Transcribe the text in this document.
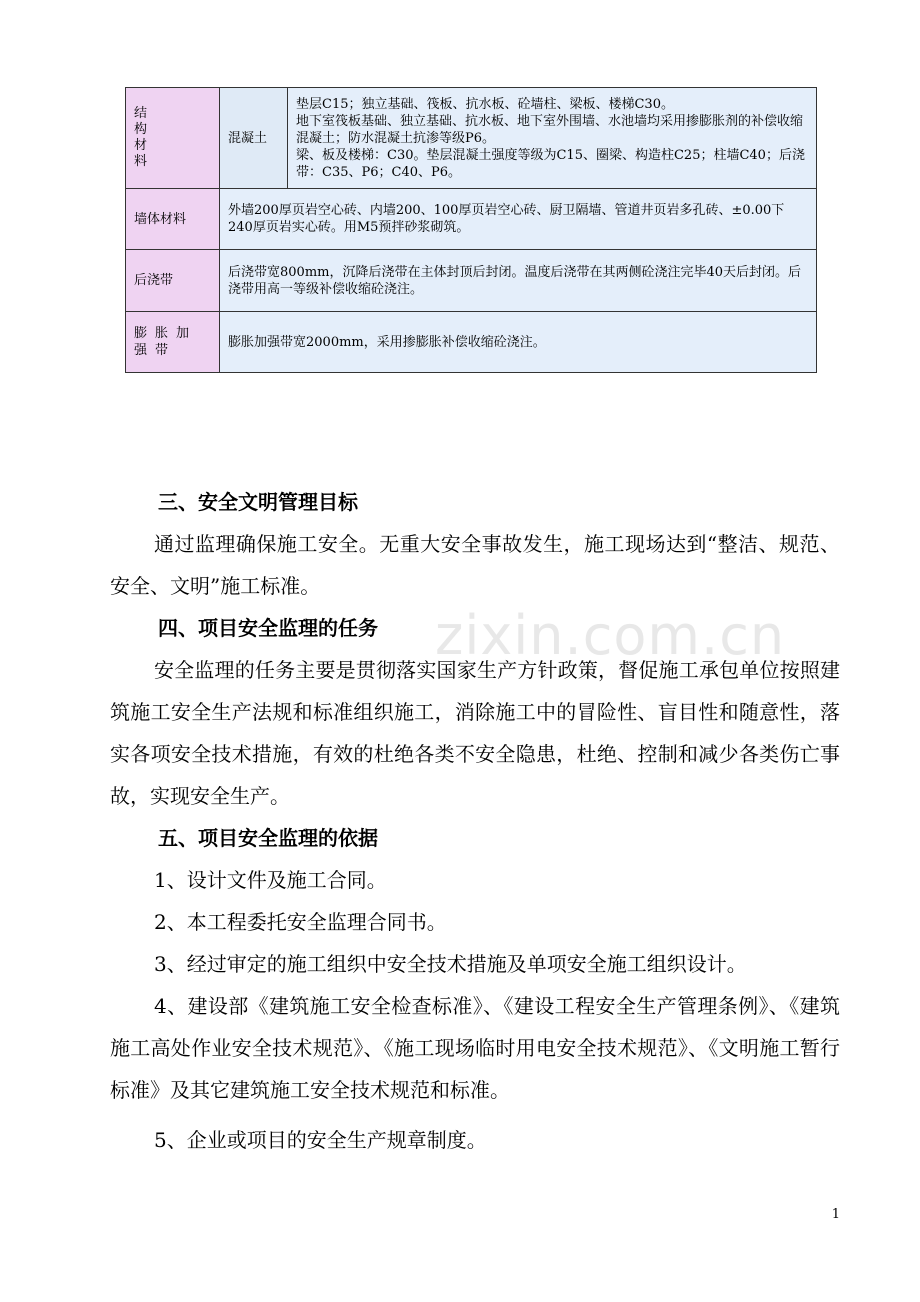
结
构
材
料	混凝土	垫层C15；独立基础、筏板、抗水板、砼墙柱、梁板、楼梯C30。
地下室筏板基础、独立基础、抗水板、地下室外围墙、水池墙均采用掺膨胀剂的补偿收缩混凝土；防水混凝土抗渗等级P6。
梁、板及楼梯：C30。垫层混凝土强度等级为C15、圈梁、构造柱C25；柱墙C40；后浇带：C35、P6；C40、P6。

墙体材料	外墙200厚页岩空心砖、内墙200、100厚页岩空心砖、厨卫隔墙、管道井页岩多孔砖、±0.00下240厚页岩实心砖。用M5预拌砂浆砌筑。	
后浇带	后浇带宽800mm，沉降后浇带在主体封顶后封闭。温度后浇带在其两侧砼浇注完毕40天后封闭。后浇带用高一等级补偿收缩砼浇注。	
膨胀加强带	膨胀加强带宽2000mm，采用掺膨胀补偿收缩砼浇注。	
zixin.com.cn

三、安全文明管理目标

通过监理确保施工安全。无重大安全事故发生，施工现场达到“整洁、规范、安全、文明”施工标准。

四、项目安全监理的任务

安全监理的任务主要是贯彻落实国家生产方针政策，督促施工承包单位按照建筑施工安全生产法规和标准组织施工，消除施工中的冒险性、盲目性和随意性，落实各项安全技术措施，有效的杜绝各类不安全隐患，杜绝、控制和减少各类伤亡事故，实现安全生产。

五、项目安全监理的依据

1、设计文件及施工合同。

2、本工程委托安全监理合同书。

3、经过审定的施工组织中安全技术措施及单项安全施工组织设计。

4、建设部《建筑施工安全检查标准》、《建设工程安全生产管理条例》、《建筑施工高处作业安全技术规范》、《施工现场临时用电安全技术规范》、《文明施工暂行标准》及其它建筑施工安全技术规范和标准。

5、企业或项目的安全生产规章制度。

1
